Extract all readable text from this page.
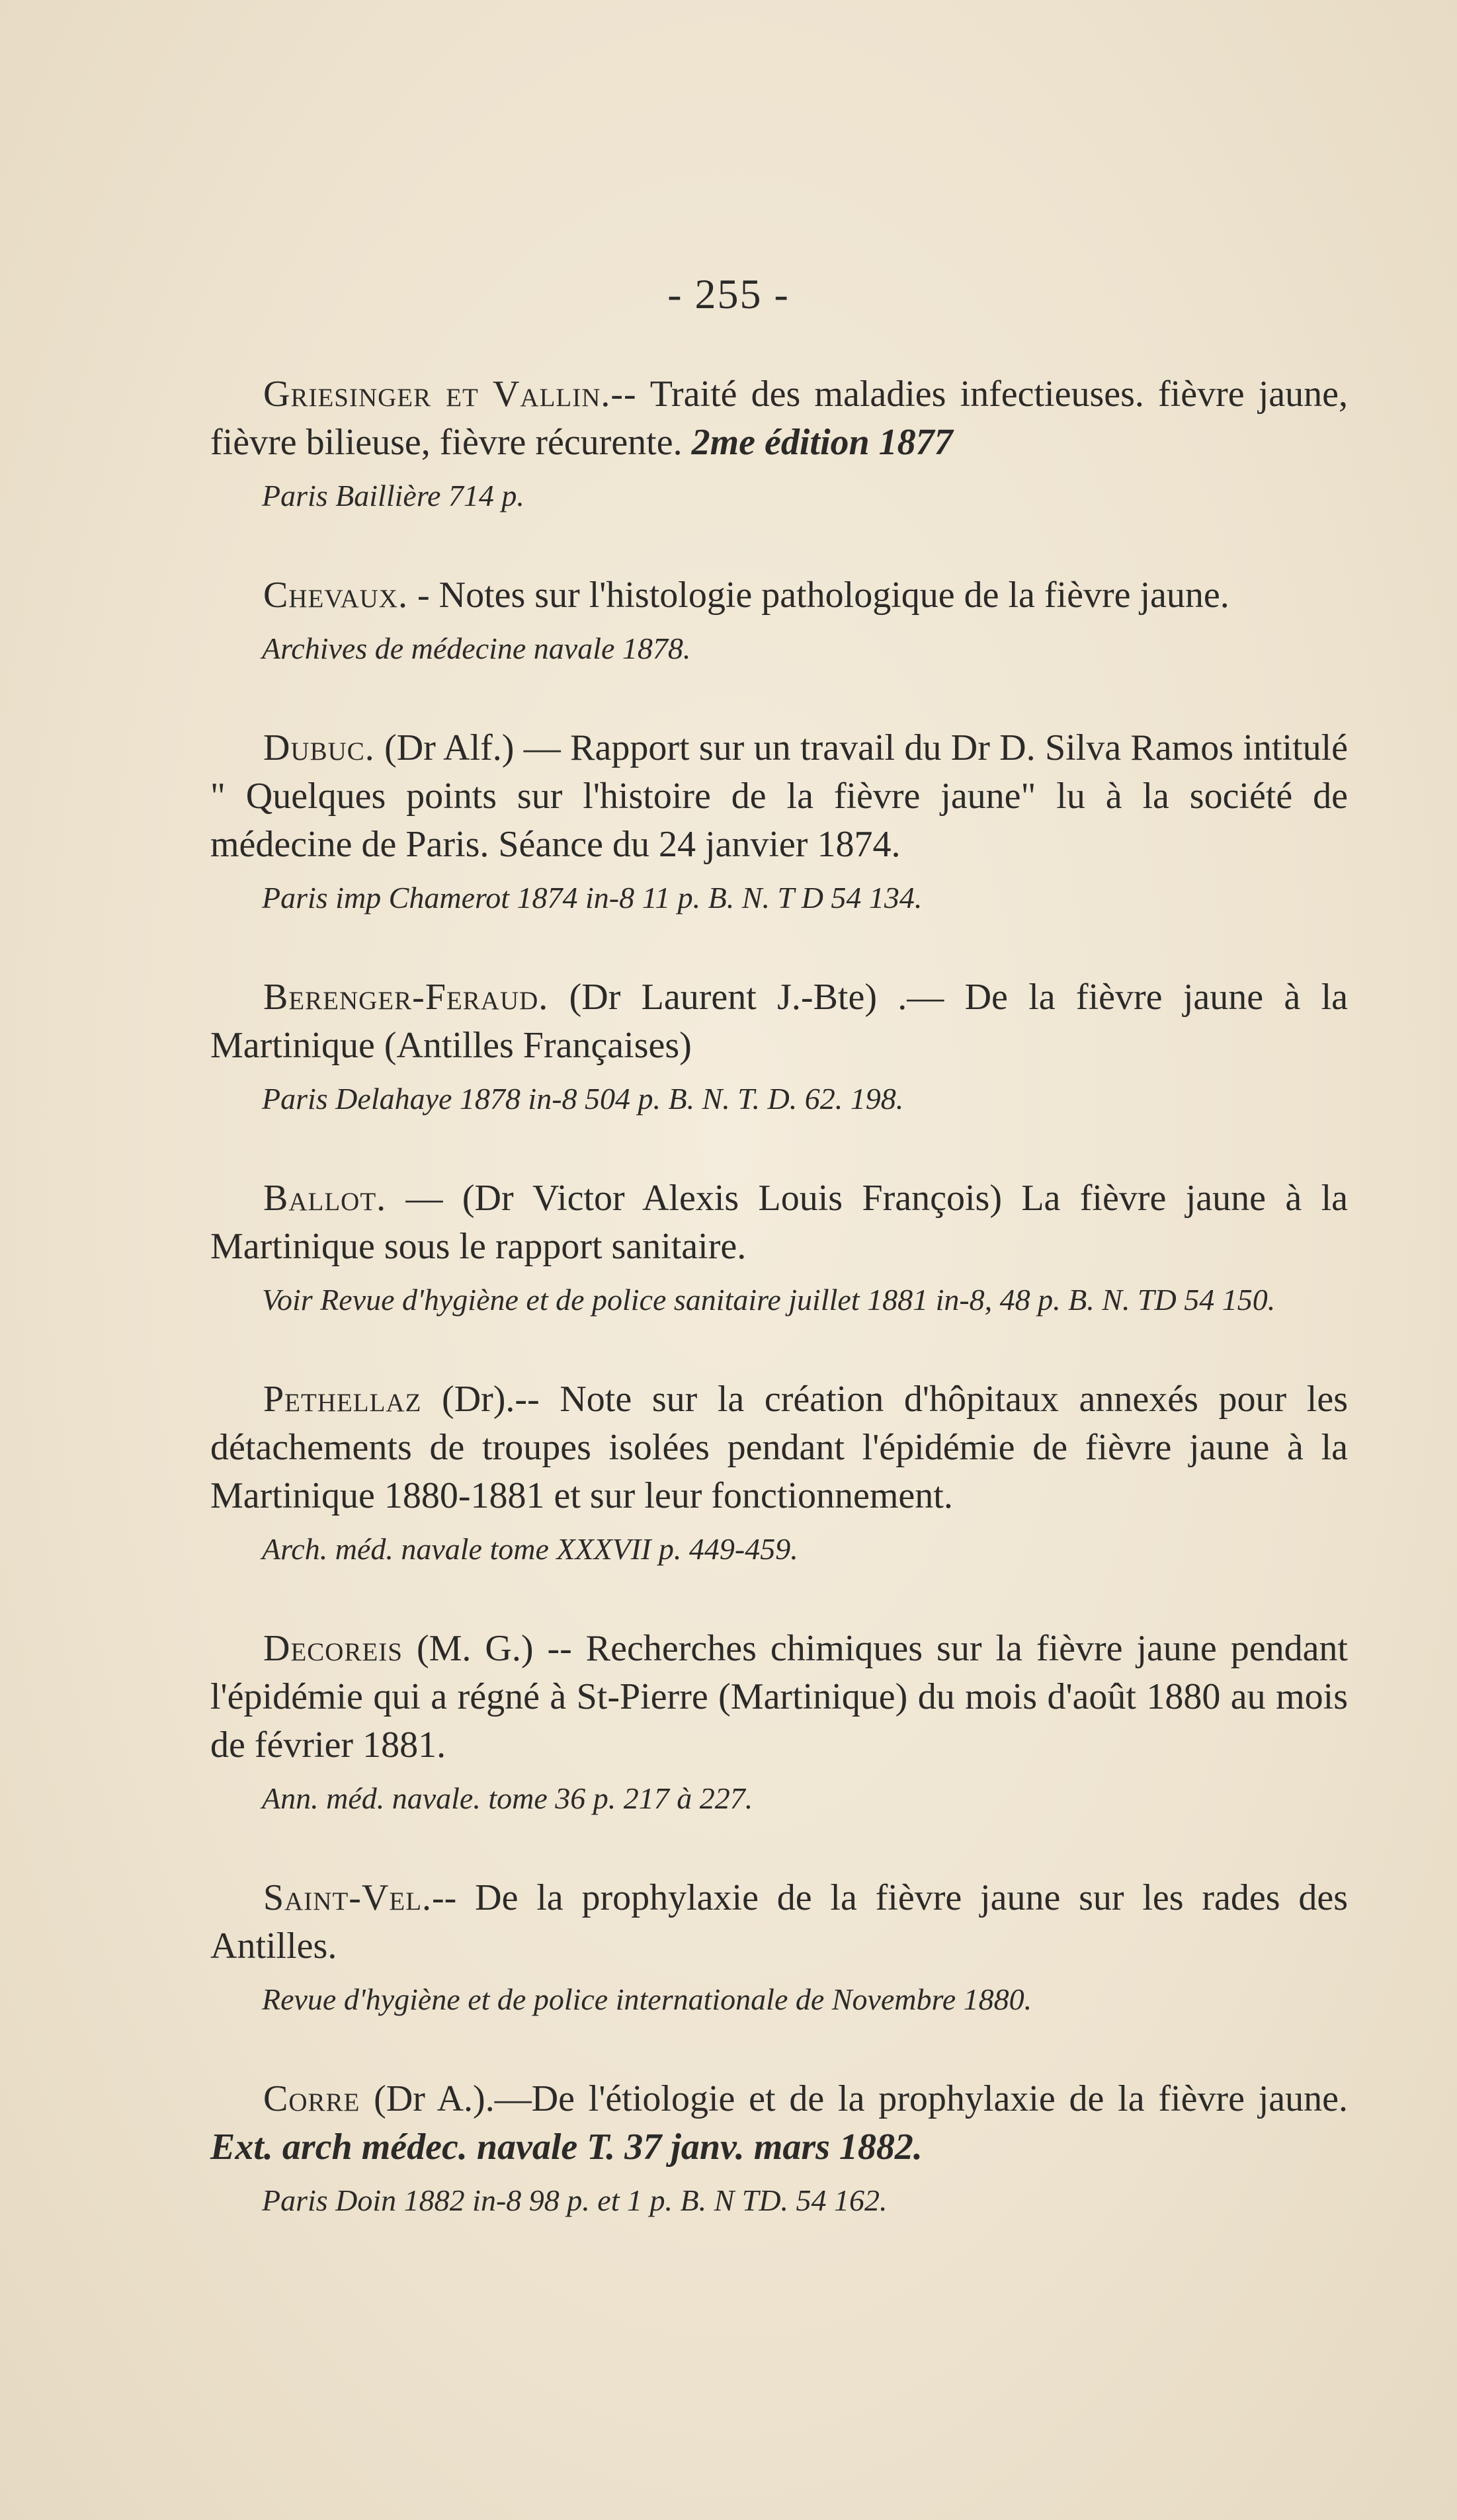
- 255 -

Griesinger et Vallin.-- Traité des maladies infectieuses. fièvre jaune, fièvre bilieuse, fièvre récurente. 2me édition 1877

Paris Baillière 714 p.

Chevaux. - Notes sur l'histologie pathologique de la fièvre jaune.

Archives de médecine navale 1878.

Dubuc. (Dr Alf.) — Rapport sur un travail du Dr D. Silva Ramos intitulé " Quelques points sur l'histoire de la fièvre jaune" lu à la société de médecine de Paris. Séance du 24 janvier 1874.

Paris imp Chamerot 1874 in-8 11 p. B. N. T D 54 134.

Berenger-Feraud. (Dr Laurent J.-Bte) .— De la fièvre jaune à la Martinique (Antilles Françaises)

Paris Delahaye 1878 in-8 504 p. B. N. T. D. 62. 198.

Ballot. — (Dr Victor Alexis Louis François) La fièvre jaune à la Martinique sous le rapport sanitaire.

Voir Revue d'hygiène et de police sanitaire juillet 1881 in-8, 48 p. B. N. TD 54 150.

Pethellaz (Dr).-- Note sur la création d'hôpitaux annexés pour les détachements de troupes isolées pendant l'épidémie de fièvre jaune à la Martinique 1880-1881 et sur leur fonctionnement.

Arch. méd. navale tome XXXVII p. 449-459.

Decoreis (M. G.) -- Recherches chimiques sur la fièvre jaune pendant l'épidémie qui a régné à St-Pierre (Martinique) du mois d'août 1880 au mois de février 1881.

Ann. méd. navale. tome 36 p. 217 à 227.

Saint-Vel.-- De la prophylaxie de la fièvre jaune sur les rades des Antilles.

Revue d'hygiène et de police internationale de Novembre 1880.

Corre (Dr A.).—De l'étiologie et de la prophylaxie de la fièvre jaune. Ext. arch médec. navale T. 37 janv. mars 1882.

Paris Doin 1882 in-8 98 p. et 1 p. B. N TD. 54 162.
